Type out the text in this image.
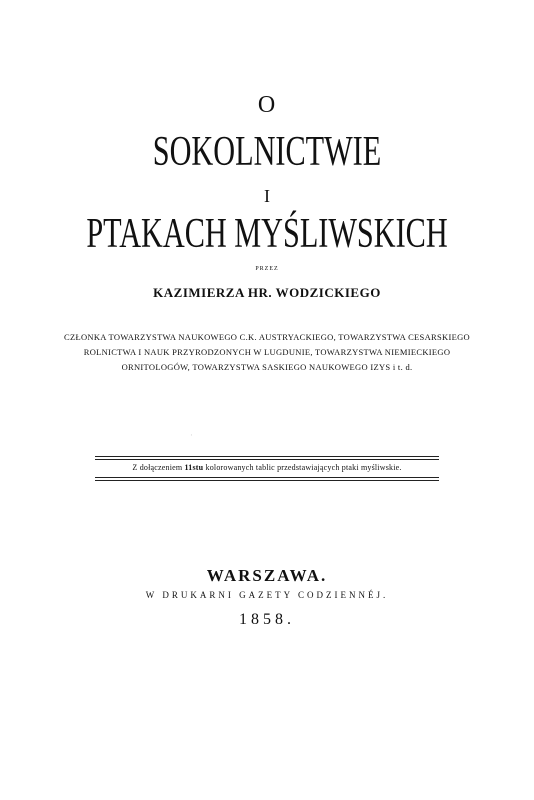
O
SOKOLNICTWIE
I
PTAKACH MYŚLIWSKICH
PRZEZ
KAZIMIERZA HR. WODZICKIEGO
CZŁONKA TOWARZYSTWA NAUKOWEGO C.K. AUSTRYACKIEGO, TOWARZYSTWA CESARSKIEGO
ROLNICTWA I NAUK PRZYRODZONYCH W LUGDUNIE, TOWARZYSTWA NIEMIECKIEGO
ORNITOLOGÓW, TOWARZYSTWA SASKIEGO NAUKOWEGO IZYS i t. d.
ˌ
Z dołączeniem 11stu kolorowanych tablic przedstawiających ptaki myśliwskie.
WARSZAWA.
W DRUKARNI GAZETY CODZIENNÉJ.
1858.
